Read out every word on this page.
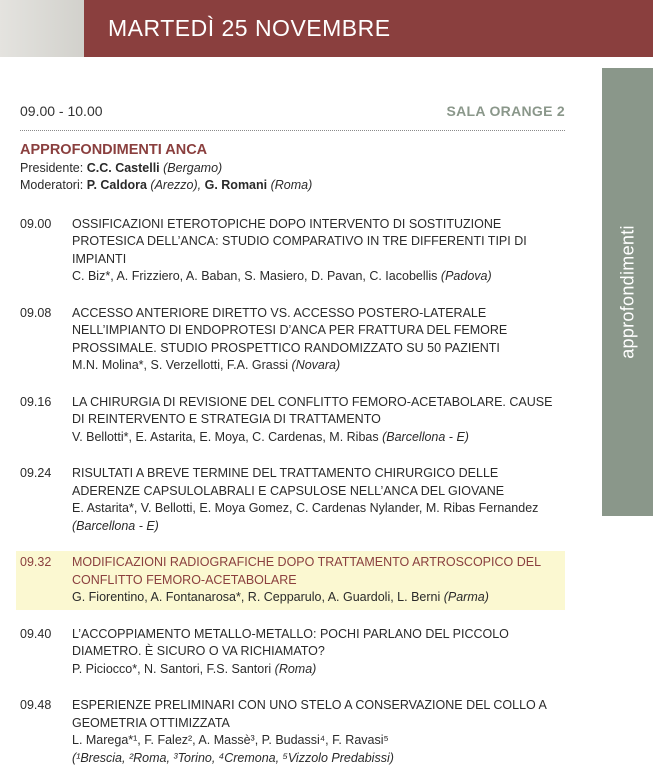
MARTEDÌ 25 NOVEMBRE
approfondimenti
09.00 - 10.00	SALA ORANGE 2
APPROFONDIMENTI ANCA

Presidente: C.C. Castelli (Bergamo)

Moderatori: P. Caldora (Arezzo), G. Romani (Roma)

09.00	OSSIFICAZIONI ETEROTOPICHE DOPO INTERVENTO DI SOSTITUZIONE PROTESICA DELL’ANCA: STUDIO COMPARATIVO IN TRE DIFFERENTI TIPI DI IMPIANTI
C. Biz*, A. Frizziero, A. Baban, S. Masiero, D. Pavan, C. Iacobellis (Padova)
09.08	ACCESSO ANTERIORE DIRETTO VS. ACCESSO POSTERO-LATERALE NELL’IMPIANTO DI ENDOPROTESI D’ANCA PER FRATTURA DEL FEMORE PROSSIMALE. STUDIO PROSPETTICO RANDOMIZZATO SU 50 PAZIENTI
M.N. Molina*, S. Verzellotti, F.A. Grassi (Novara)
09.16	LA CHIRURGIA DI REVISIONE DEL CONFLITTO FEMORO-ACETABOLARE. CAUSE DI REINTERVENTO E STRATEGIA DI TRATTAMENTO
V. Bellotti*, E. Astarita, E. Moya, C. Cardenas, M. Ribas (Barcellona - E)
09.24	RISULTATI A BREVE TERMINE DEL TRATTAMENTO CHIRURGICO DELLE ADERENZE CAPSULOLABRALI E CAPSULOSE NELL’ANCA DEL GIOVANE
E. Astarita*, V. Bellotti, E. Moya Gomez, C. Cardenas Nylander, M. Ribas Fernandez (Barcellona - E)
09.32	MODIFICAZIONI RADIOGRAFICHE DOPO TRATTAMENTO ARTROSCOPICO DEL CONFLITTO FEMORO-ACETABOLARE
G. Fiorentino, A. Fontanarosa*, R. Cepparulo, A. Guardoli, L. Berni (Parma)
09.40	L’ACCOPPIAMENTO METALLO-METALLO: POCHI PARLANO DEL PICCOLO DIAMETRO. È SICURO O VA RICHIAMATO?
P. Piciocco*, N. Santori, F.S. Santori (Roma)
09.48	ESPERIENZE PRELIMINARI CON UNO STELO A CONSERVAZIONE DEL COLLO A GEOMETRIA OTTIMIZZATA
L. Marega*¹, F. Falez², A. Massè³, P. Budassi⁴, F. Ravasi⁵
(¹Brescia, ²Roma, ³Torino, ⁴Cremona, ⁵Vizzolo Predabissi)
